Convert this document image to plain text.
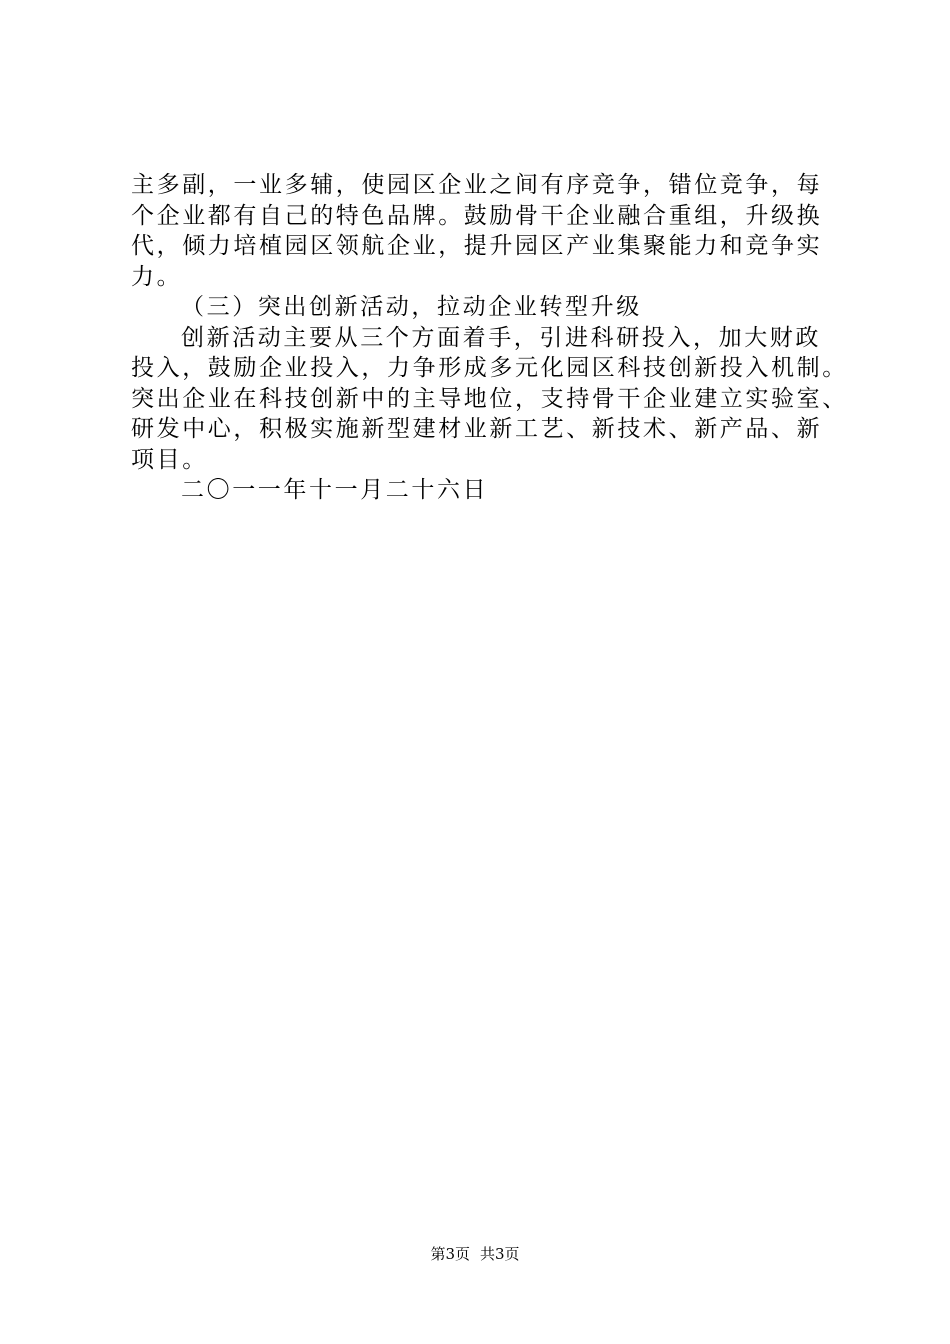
主多副，一业多辅，使园区企业之间有序竞争，错位竞争，每
个企业都有自己的特色品牌。鼓励骨干企业融合重组，升级换
代，倾力培植园区领航企业，提升园区产业集聚能力和竞争实
力。
（三）突出创新活动，拉动企业转型升级
创新活动主要从三个方面着手，引进科研投入，加大财政
投入，鼓励企业投入，力争形成多元化园区科技创新投入机制。
突出企业在科技创新中的主导地位，支持骨干企业建立实验室、
研发中心，积极实施新型建材业新工艺、新技术、新产品、新
项目。
二〇一一年十一月二十六日
第3页 共3页
